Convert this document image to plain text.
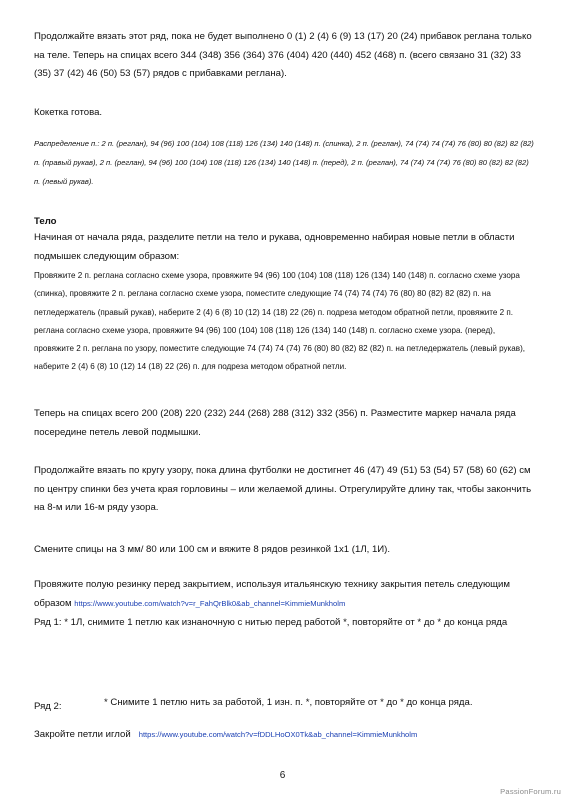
Продолжайте вязать этот ряд, пока не будет выполнено 0 (1) 2 (4) 6 (9) 13 (17) 20 (24) прибавок реглана только на теле. Теперь на спицах всего 344 (348) 356 (364) 376 (404) 420 (440) 452 (468) п. (всего связано 31 (32) 33 (35) 37 (42) 46 (50) 53 (57) рядов с прибавками реглана).

Кокетка готова.

Распределение п.: 2 п. (реглан), 94 (96) 100 (104) 108 (118) 126 (134) 140 (148) п. (спинка), 2 п. (реглан), 74 (74) 74 (74) 76 (80) 80 (82) 82 (82) п. (правый рукав), 2 п. (реглан), 94 (96) 100 (104) 108 (118) 126 (134) 140 (148) п. (перед), 2 п. (реглан), 74 (74) 74 (74) 76 (80) 80 (82) 82 (82) п. (левый рукав).

Тело

Начиная от начала ряда, разделите петли на тело и рукава, одновременно набирая новые петли в области подмышек следующим образом:

Провяжите 2 п. реглана согласно схеме узора, провяжите 94 (96) 100 (104) 108 (118) 126 (134) 140 (148) п. согласно схеме узора (спинка), провяжите 2 п. реглана согласно схеме узора, поместите следующие 74 (74) 74 (74) 76 (80) 80 (82) 82 (82) п. на петледержатель (правый рукав), наберите 2 (4) 6 (8) 10 (12) 14 (18) 22 (26) п. подреза методом обратной петли, провяжите 2 п. реглана согласно схеме узора, провяжите 94 (96) 100 (104) 108 (118) 126 (134) 140 (148) п. согласно схеме узора. (перед), провяжите 2 п. реглана по узору, поместите следующие 74 (74) 74 (74) 76 (80) 80 (82) 82 (82) п. на петледержатель (левый рукав), наберите 2 (4) 6 (8) 10 (12) 14 (18) 22 (26) п. для подреза методом обратной петли.

Теперь на спицах всего 200 (208) 220 (232) 244 (268) 288 (312) 332 (356) п. Разместите маркер начала ряда посередине петель левой подмышки.

Продолжайте вязать по кругу узору, пока длина футболки не достигнет 46 (47) 49 (51) 53 (54) 57 (58) 60 (62) см по центру спинки без учета края горловины – или желаемой длины. Отрегулируйте длину так, чтобы закончить на 8-м или 16-м ряду узора.

Смените спицы на 3 мм/ 80 или 100 см и вяжите 8 рядов резинкой 1х1 (1Л, 1И).

Провяжите полую резинку перед закрытием, используя итальянскую технику закрытия петель следующим образом https://www.youtube.com/watch?v=r_FahQrBlk0&ab_channel=KimmieMunkholm

Ряд 1: * 1Л, снимите 1 петлю как изнаночную с нитью перед работой *, повторяйте от * до * до конца ряда

Ряд 2:	* Снимите 1 петлю нить за работой, 1 изн. п. *, повторяйте от * до * до конца ряда.

Закройте петли иглой https://www.youtube.com/watch?v=fDDLHoOX0Tk&ab_channel=KimmieMunkholm

6
PassionForum.ru
